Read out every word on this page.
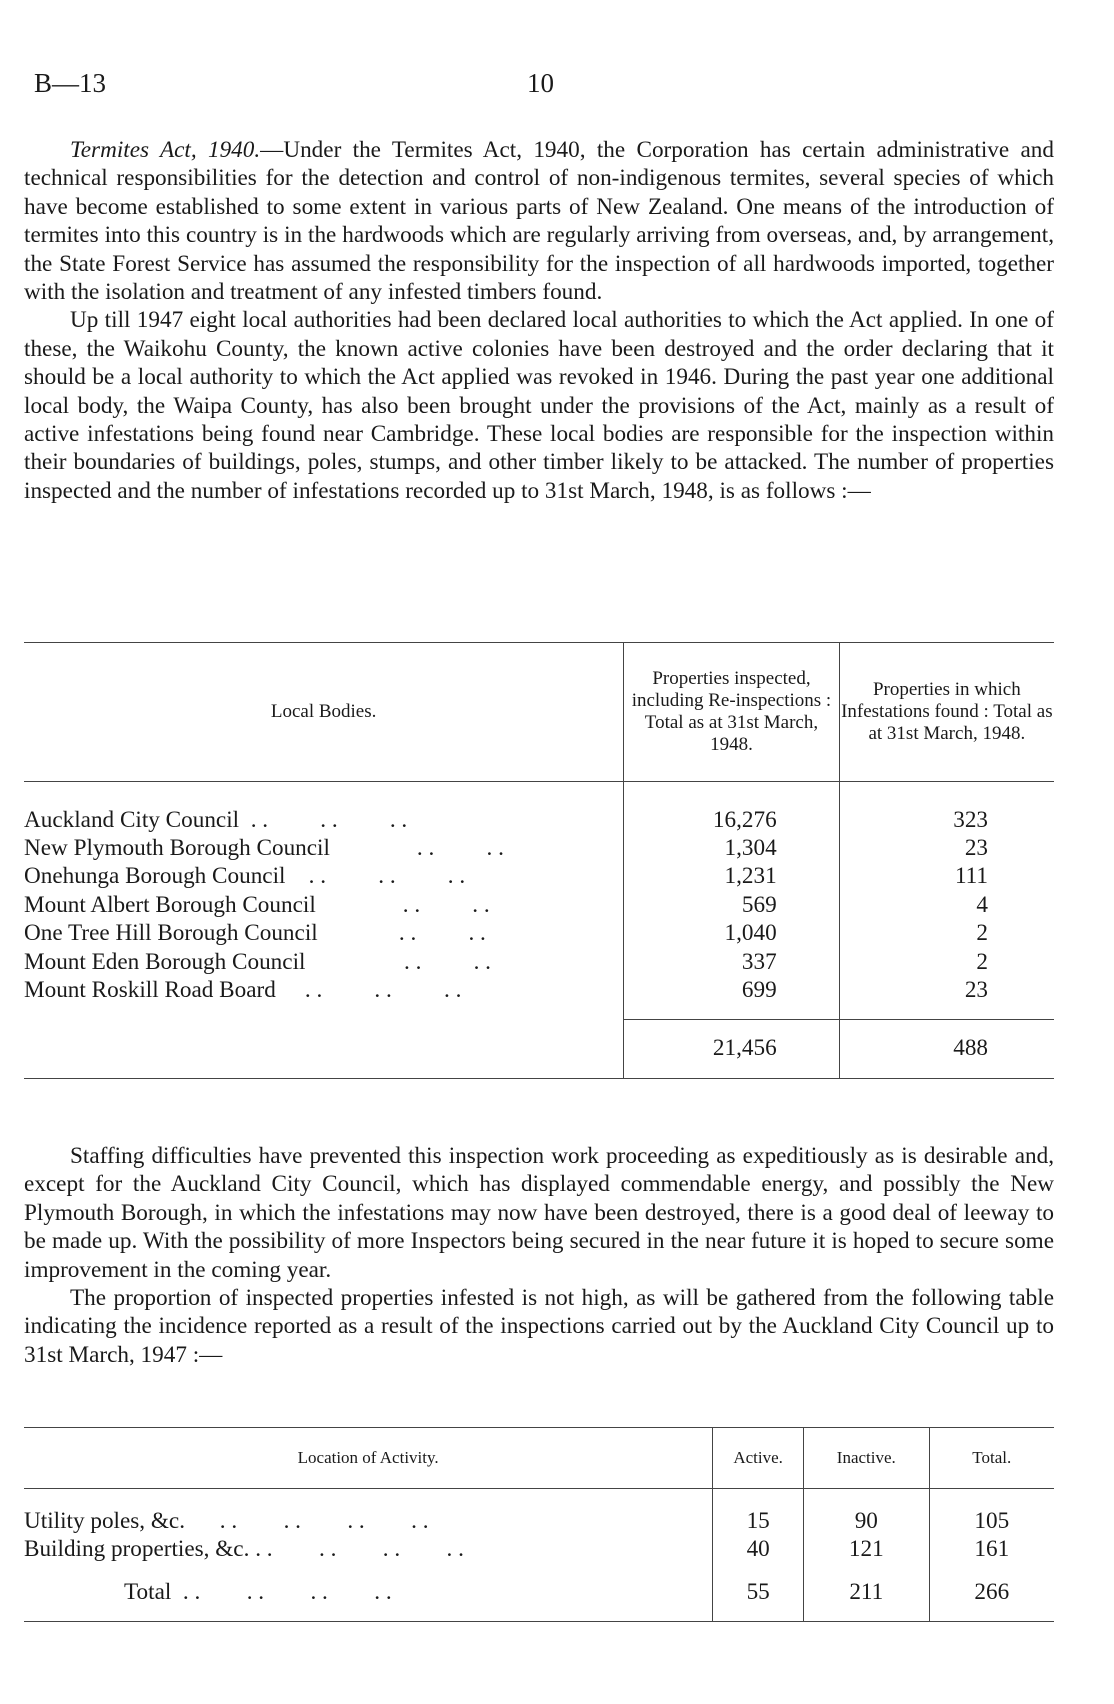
B—13	10

Termites Act, 1940.—Under the Termites Act, 1940, the Corporation has certain administrative and technical responsibilities for the detection and control of non-indigenous termites, several species of which have become established to some extent in various parts of New Zealand. One means of the introduction of termites into this country is in the hardwoods which are regularly arriving from overseas, and, by arrangement, the State Forest Service has assumed the responsibility for the inspection of all hardwoods imported, together with the isolation and treatment of any infested timbers found.

Up till 1947 eight local authorities had been declared local authorities to which the Act applied. In one of these, the Waikohu County, the known active colonies have been destroyed and the order declaring that it should be a local authority to which the Act applied was revoked in 1946. During the past year one additional local body, the Waipa County, has also been brought under the provisions of the Act, mainly as a result of active infestations being found near Cambridge. These local bodies are responsible for the inspection within their boundaries of buildings, poles, stumps, and other timber likely to be attacked. The number of properties inspected and the number of infestations recorded up to 31st March, 1948, is as follows :—

Local Bodies.	Properties inspected, including Re-inspections : Total as at 31st March, 1948.	Properties in which Infestations found : Total as at 31st March, 1948.

Auckland City Council  . .         . .         . .	16,276	323
New Plymouth Borough Council               . .         . .	1,304	23
Onehunga Borough Council    . .         . .         . .	1,231	111
Mount Albert Borough Council               . .         . .	569	4
One Tree Hill Borough Council              . .         . .	1,040	2
Mount Eden Borough Council                 . .         . .	337	2
Mount Roskill Road Board     . .         . .         . .	699	23

	21,456	488

Staffing difficulties have prevented this inspection work proceeding as expeditiously as is desirable and, except for the Auckland City Council, which has displayed commendable energy, and possibly the New Plymouth Borough, in which the infestations may now have been destroyed, there is a good deal of leeway to be made up. With the possibility of more Inspectors being secured in the near future it is hoped to secure some improvement in the coming year.

The proportion of inspected properties infested is not high, as will be gathered from the following table indicating the incidence reported as a result of the inspections carried out by the Auckland City Council up to 31st March, 1947 :—

Location of Activity.	Active.	Inactive.	Total.

Utility poles, &c.      . .        . .        . .        . .	15	90	105
Building properties, &c. . .        . .        . .        . .	40	121	161
Total  . .        . .        . .        . .	55	211	266
